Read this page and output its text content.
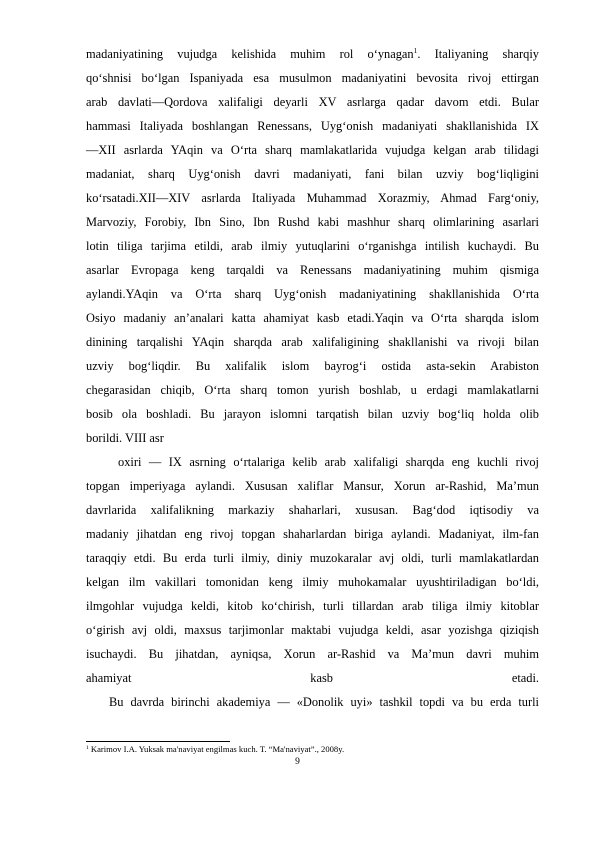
madaniyatining vujudga kelishida muhim rol o‘ynagan$^1$. Italiyaning sharqiy
qo‘shnisi bo‘lgan Ispaniyada esa musulmon madaniyatini bevosita rivoj ettirgan
arab davlati—Qordova xalifaligi deyarli XV asrlarga qadar davom etdi. Bular
hammasi Italiyada boshlangan Renessans, Uyg‘onish madaniyati shakllanishida IX
—XII asrlarda YAqin va O‘rta sharq mamlakatlarida vujudga kelgan arab tilidagi
madaniat, sharq Uyg‘onish davri madaniyati, fani bilan uzviy bog‘liqligini
ko‘rsatadi.XII—XIV asrlarda Italiyada Muhammad Xorazmiy, Ahmad Farg‘oniy,
Marvoziy, Forobiy, Ibn Sino, Ibn Rushd kabi mashhur sharq olimlarining asarlari
lotin tiliga tarjima etildi, arab ilmiy yutuqlarini o‘rganishga intilish kuchaydi. Bu
asarlar Evropaga keng tarqaldi va Renessans madaniyatining muhim qismiga
aylandi.YAqin va O‘rta sharq Uyg‘onish madaniyatining shakllanishida O‘rta
Osiyo madaniy an’analari katta ahamiyat kasb etadi.Yaqin va O‘rta sharqda islom
dinining tarqalishi YAqin sharqda arab xalifaligining shakllanishi va rivoji bilan
uzviy bog‘liqdir. Bu xalifalik islom bayrog‘i ostida asta-sekin Arabiston
chegarasidan chiqib, O‘rta sharq tomon yurish boshlab, u erdagi mamlakatlarni
bosib ola boshladi. Bu jarayon islomni tarqatish bilan uzviy bog‘liq holda olib
borildi. VIII asr
oxiri — IX asrning o‘rtalariga kelib arab xalifaligi sharqda eng kuchli rivoj
topgan imperiyaga aylandi. Xususan xaliflar Mansur, Xorun ar-Rashid, Ma’mun
davrlarida xalifalikning markaziy shaharlari, xususan. Bag‘dod iqtisodiy va
madaniy jihatdan eng rivoj topgan shaharlardan biriga aylandi. Madaniyat, ilm-fan
taraqqiy etdi. Bu erda turli ilmiy, diniy muzokaralar avj oldi, turli mamlakatlardan
kelgan ilm vakillari tomonidan keng ilmiy muhokamalar uyushtiriladigan bo‘ldi,
ilmgohlar vujudga keldi, kitob ko‘chirish, turli tillardan arab tiliga ilmiy kitoblar
o‘girish avj oldi, maxsus tarjimonlar maktabi vujudga keldi, asar yozishga qiziqish
isuchaydi. Bu jihatdan, ayniqsa, Xorun ar-Rashid va Ma’mun davri muhim
ahamiyat kasb etadi.
Bu davrda birinchi akademiya — «Donolik uyi» tashkil topdi va bu erda turli
$^1$ Karimov I.A. Yuksak ma'naviyat engilmas kuch. T. “Ma'naviyat”., 2008y.
9
